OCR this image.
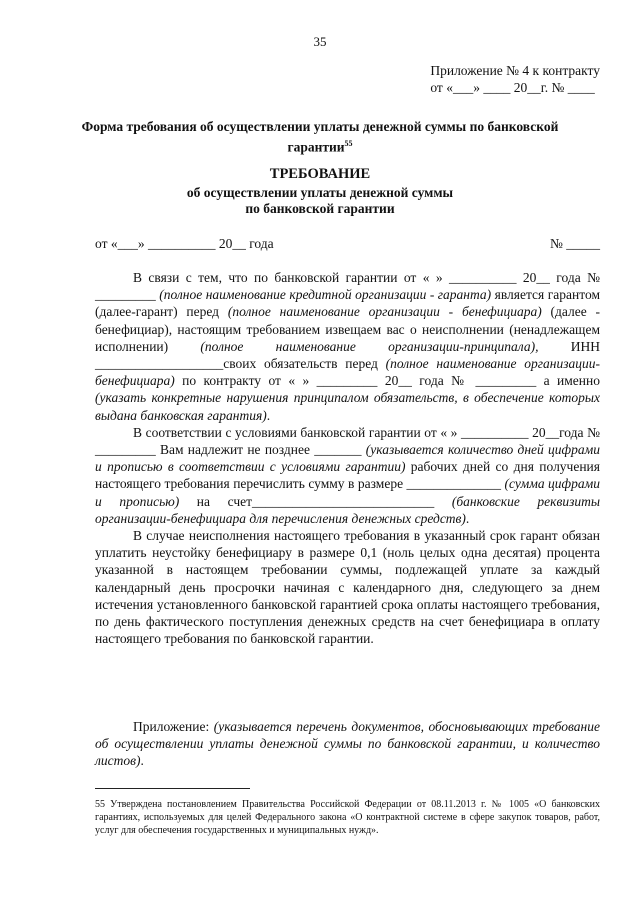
35
Приложение № 4 к контракту
от «___» ____ 20__г. № ____
Форма требования об осуществлении уплаты денежной суммы по банковской гарантии$^{55}$
ТРЕБОВАНИЕ
об осуществлении уплаты денежной суммы
по банковской гарантии
от «___» __________ 20__ года	№ _____

В связи с тем, что по банковской гарантии от « » __________ 20__ года № _________ (полное наименование кредитной организации - гаранта) является гарантом (далее-гарант) перед (полное наименование организации - бенефициара) (далее - бенефициар), настоящим требованием извещаем вас о неисполнении (ненадлежащем исполнении) (полное наименование организации-принципала), ИНН ___________________своих обязательств перед (полное наименование организации-бенефициара) по контракту от « » _________ 20__ года № _________ а именно (указать конкретные нарушения принципалом обязательств, в обеспечение которых выдана банковская гарантия).

В соответствии с условиями банковской гарантии от « » __________ 20__года № _________ Вам надлежит не позднее _______ (указывается количество дней цифрами и прописью в соответствии с условиями гарантии) рабочих дней со дня получения настоящего требования перечислить сумму в размере ______________ (сумма цифрами и прописью) на счет___________________________ (банковские реквизиты организации-бенефициара для перечисления денежных средств).

В случае неисполнения настоящего требования в указанный срок гарант обязан уплатить неустойку бенефициару в размере 0,1 (ноль целых одна десятая) процента указанной в настоящем требовании суммы, подлежащей уплате за каждый календарный день просрочки начиная с календарного дня, следующего за днем истечения установленного банковской гарантией срока оплаты настоящего требования, по день фактического поступления денежных средств на счет бенефициара в оплату настоящего требования по банковской гарантии.

Приложение: (указывается перечень документов, обосновывающих требование об осуществлении уплаты денежной суммы по банковской гарантии, и количество листов).
55 Утверждена постановлением Правительства Российской Федерации от 08.11.2013 г. № 1005 «О банковских гарантиях, используемых для целей Федерального закона «О контрактной системе в сфере закупок товаров, работ, услуг для обеспечения государственных и муниципальных нужд».
